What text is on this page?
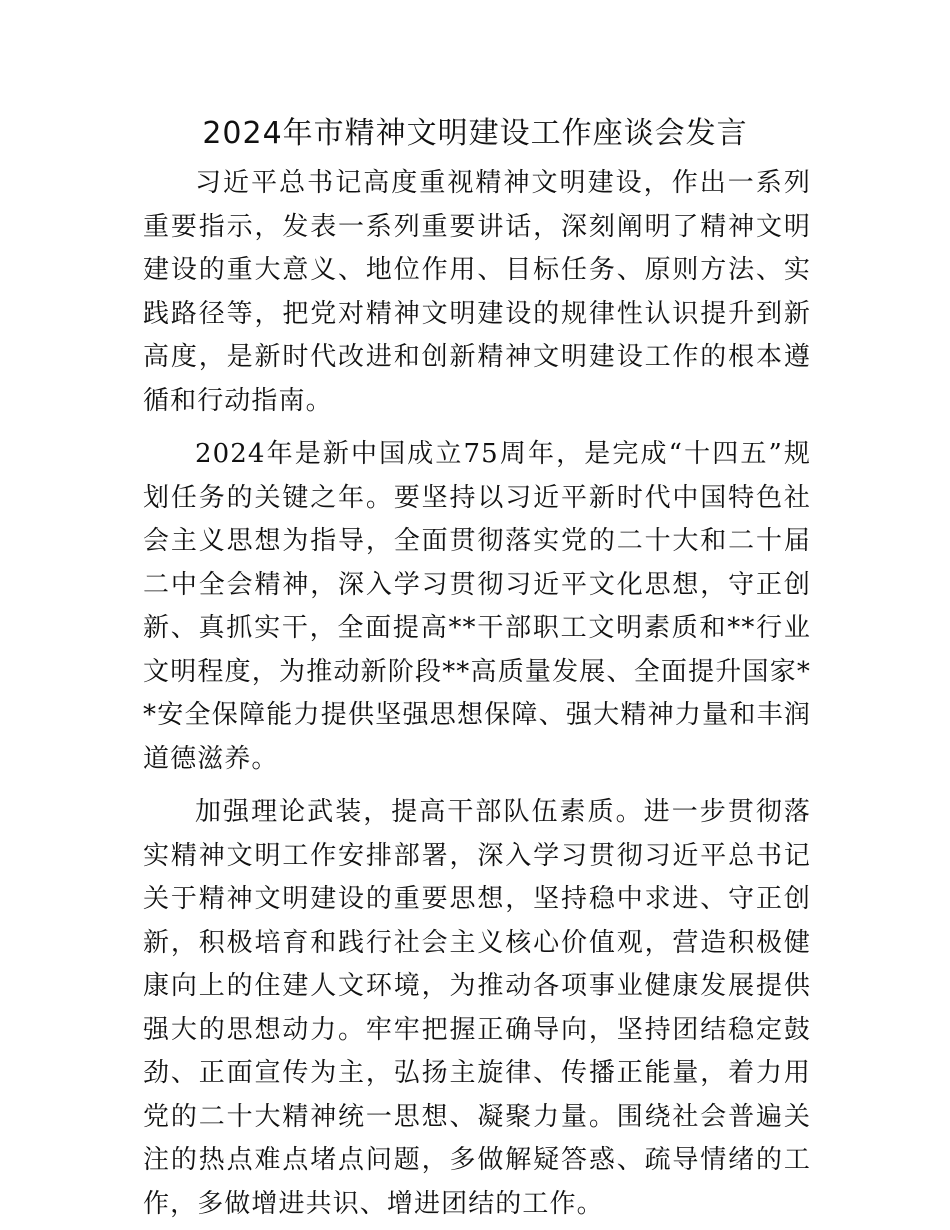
2024年市精神文明建设工作座谈会发言

习近平总书记高度重视精神文明建设，作出一系列重要指示，发表一系列重要讲话，深刻阐明了精神文明建设的重大意义、地位作用、目标任务、原则方法、实践路径等，把党对精神文明建设的规律性认识提升到新高度，是新时代改进和创新精神文明建设工作的根本遵循和行动指南。

2024年是新中国成立75周年，是完成“十四五”规划任务的关键之年。要坚持以习近平新时代中国特色社会主义思想为指导，全面贯彻落实党的二十大和二十届二中全会精神，深入学习贯彻习近平文化思想，守正创新、真抓实干，全面提高**干部职工文明素质和**行业文明程度，为推动新阶段**高质量发展、全面提升国家**安全保障能力提供坚强思想保障、强大精神力量和丰润道德滋养。

加强理论武装，提高干部队伍素质。进一步贯彻落实精神文明工作安排部署，深入学习贯彻习近平总书记关于精神文明建设的重要思想，坚持稳中求进、守正创新，积极培育和践行社会主义核心价值观，营造积极健康向上的住建人文环境，为推动各项事业健康发展提供强大的思想动力。牢牢把握正确导向，坚持团结稳定鼓劲、正面宣传为主，弘扬主旋律、传播正能量，着力用党的二十大精神统一思想、凝聚力量。围绕社会普遍关注的热点难点堵点问题，多做解疑答惑、疏导情绪的工作，多做增进共识、增进团结的工作。
